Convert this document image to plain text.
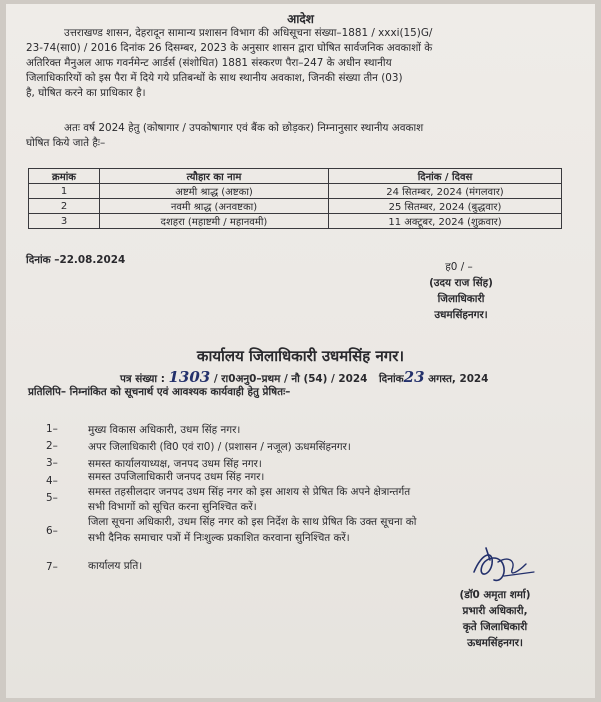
आदेश
उत्तराखण्ड शासन, देहरादून सामान्य प्रशासन विभाग की अधिसूचना संख्या–1881 / xxxi(15)G/
23-74(सा0) / 2016 दिनांक 26 दिसम्बर, 2023 के अनुसार शासन द्वारा घोषित सार्वजनिक अवकाशों के
अतिरिक्त मैनुअल आफ गवर्नमेन्ट आर्डर्स (संशोधित) 1881 संस्करण पैरा–247 के अधीन स्थानीय
जिलाधिकारियों को इस पैरा में दिये गये प्रतिबन्धों के साथ स्थानीय अवकाश, जिनकी संख्या तीन (03)
है, घोषित करने का प्राधिकार है।
अतः वर्ष 2024 हेतु (कोषागार / उपकोषागार एवं बैंक को छोड़कर) निम्नानुसार स्थानीय अवकाश
घोषित किये जाते हैः–
क्रमांक	त्यौहार का नाम	दिनांक / दिवस
1	अष्टमी श्राद्ध (अष्टका)	24 सितम्बर, 2024 (मंगलवार)
2	नवमी श्राद्ध (अनवष्टका)	25 सितम्बर, 2024 (बुद्धवार)
3	दशहरा (महाष्टमी / महानवमी)	11 अक्टूबर, 2024 (शुक्रवार)
दिनांक –22.08.2024
ह0 / –
(उदय राज सिंह)
जिलाधिकारी
उधमसिंहनगर।
कार्यालय जिलाधिकारी उधमसिंह नगर।
पत्र संख्या : 1303 / रा0अनु0–प्रथम / नौ (54) / 2024 दिनांक23 अगस्त, 2024
प्रतिलिपि– निम्नांकित को सूचनार्थ एवं आवश्यक कार्यवाही हेतु प्रेषितः–
1–	मुख्य विकास अधिकारी, उधम सिंह नगर।
2–	अपर जिलाधिकारी (वि0 एवं रा0) / (प्रशासन / नजूल) ऊधमसिंहनगर।
3–	समस्त कार्यालयाध्यक्ष, जनपद उधम सिंह नगर।
4–	समस्त उपजिलाधिकारी जनपद उधम सिंह नगर।
5–	समस्त तहसीलदार जनपद उधम सिंह नगर को इस आशय से प्रेषित कि अपने क्षेत्रान्तर्गत
सभी विभागों को सूचित करना सुनिश्चित करें।
6–
जिला सूचना अधिकारी, उधम सिंह नगर को इस निर्देश के साथ प्रेषित कि उक्त सूचना को
सभी दैनिक समाचार पत्रों में निःशुल्क प्रकाशित करवाना सुनिश्चित करें।
7–	कार्यालय प्रति।
(डॉ0 अमृता शर्मा)
प्रभारी अधिकारी,
कृते जिलाधिकारी
ऊधमसिंहनगर।
